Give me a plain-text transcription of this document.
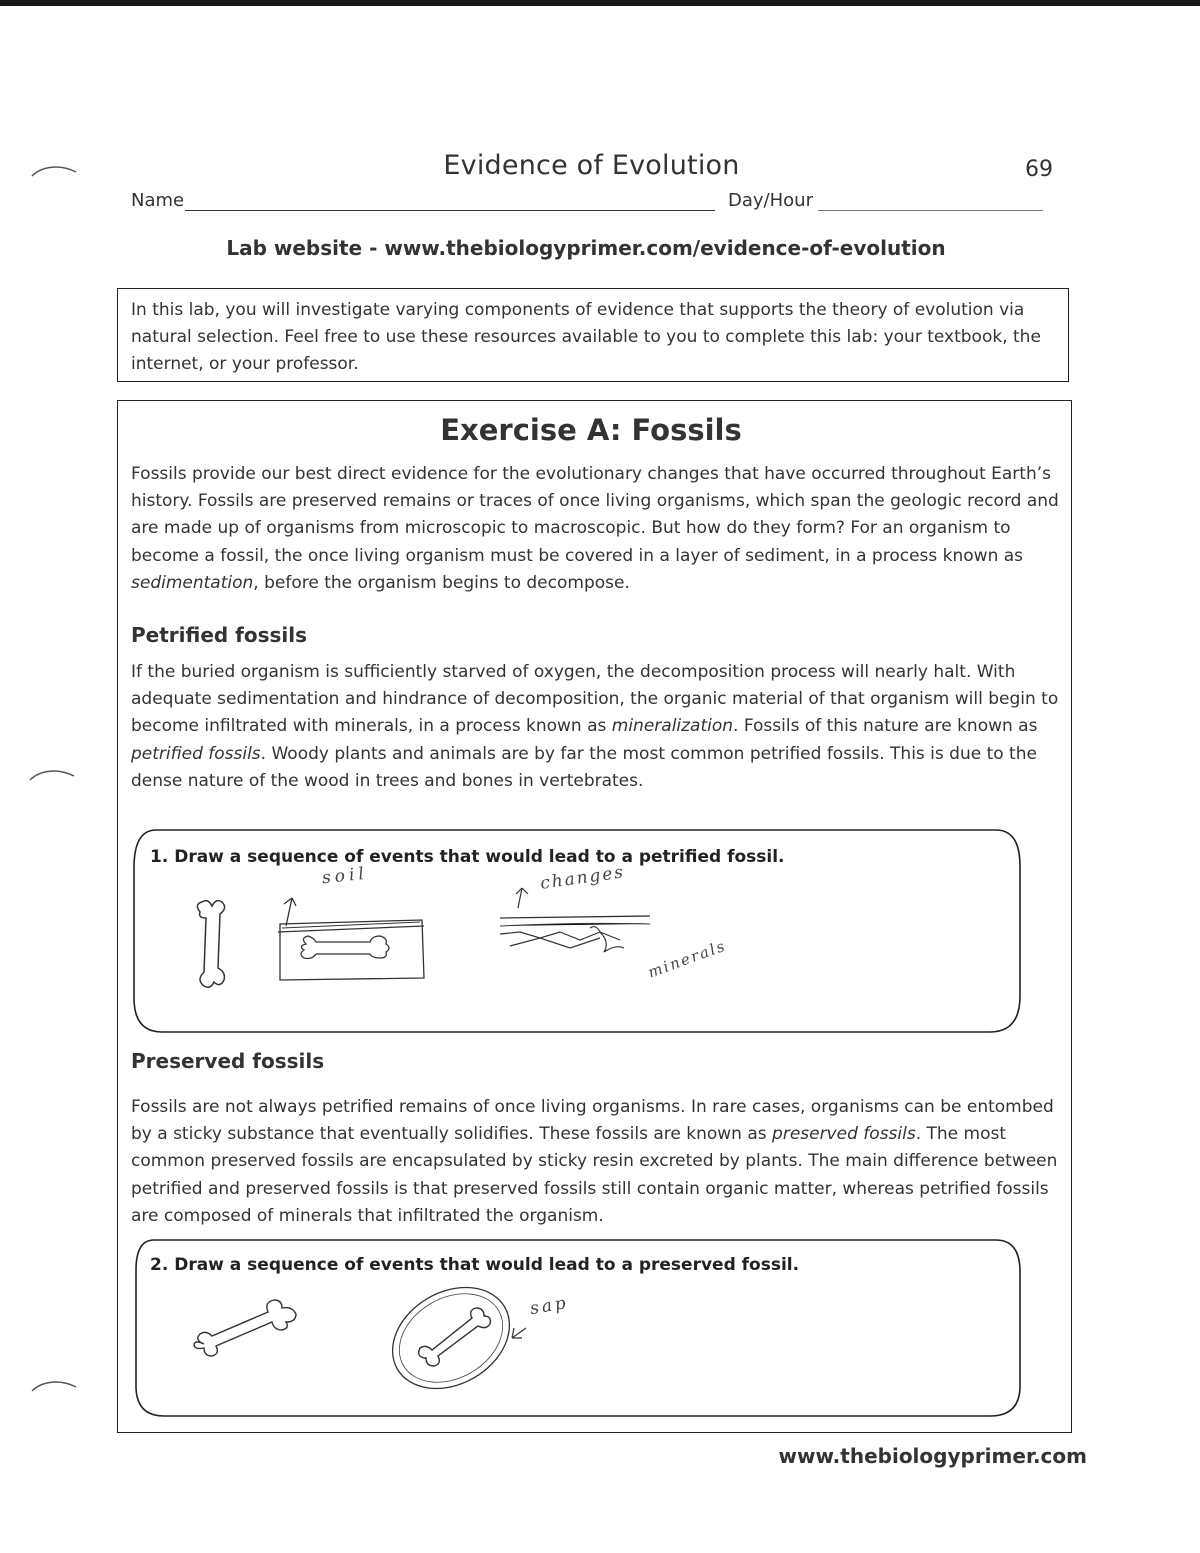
Evidence of Evolution	69
Name	Day/Hour
Lab website - www.thebiologyprimer.com/evidence-of-evolution
In this lab, you will investigate varying components of evidence that supports the theory of evolution via natural selection. Feel free to use these resources available to you to complete this lab: your textbook, the internet, or your professor.
Exercise A: Fossils
Fossils provide our best direct evidence for the evolutionary changes that have occurred throughout Earth’s history. Fossils are preserved remains or traces of once living organisms, which span the geologic record and are made up of organisms from microscopic to macroscopic. But how do they form? For an organism to become a fossil, the once living organism must be covered in a layer of sediment, in a process known as sedimentation, before the organism begins to decompose.
Petrified fossils
If the buried organism is sufficiently starved of oxygen, the decomposition process will nearly halt. With adequate sedimentation and hindrance of decomposition, the organic material of that organism will begin to become infiltrated with minerals, in a process known as mineralization. Fossils of this nature are known as petrified fossils. Woody plants and animals are by far the most common petrified fossils. This is due to the dense nature of the wood in trees and bones in vertebrates.
1. Draw a sequence of events that would lead to a petrified fossil.
soil	changes
minerals
Preserved fossils
Fossils are not always petrified remains of once living organisms. In rare cases, organisms can be entombed by a sticky substance that eventually solidifies. These fossils are known as preserved fossils. The most common preserved fossils are encapsulated by sticky resin excreted by plants. The main difference between petrified and preserved fossils is that preserved fossils still contain organic matter, whereas petrified fossils are composed of minerals that infiltrated the organism.
2. Draw a sequence of events that would lead to a preserved fossil.
sap
www.thebiologyprimer.com
